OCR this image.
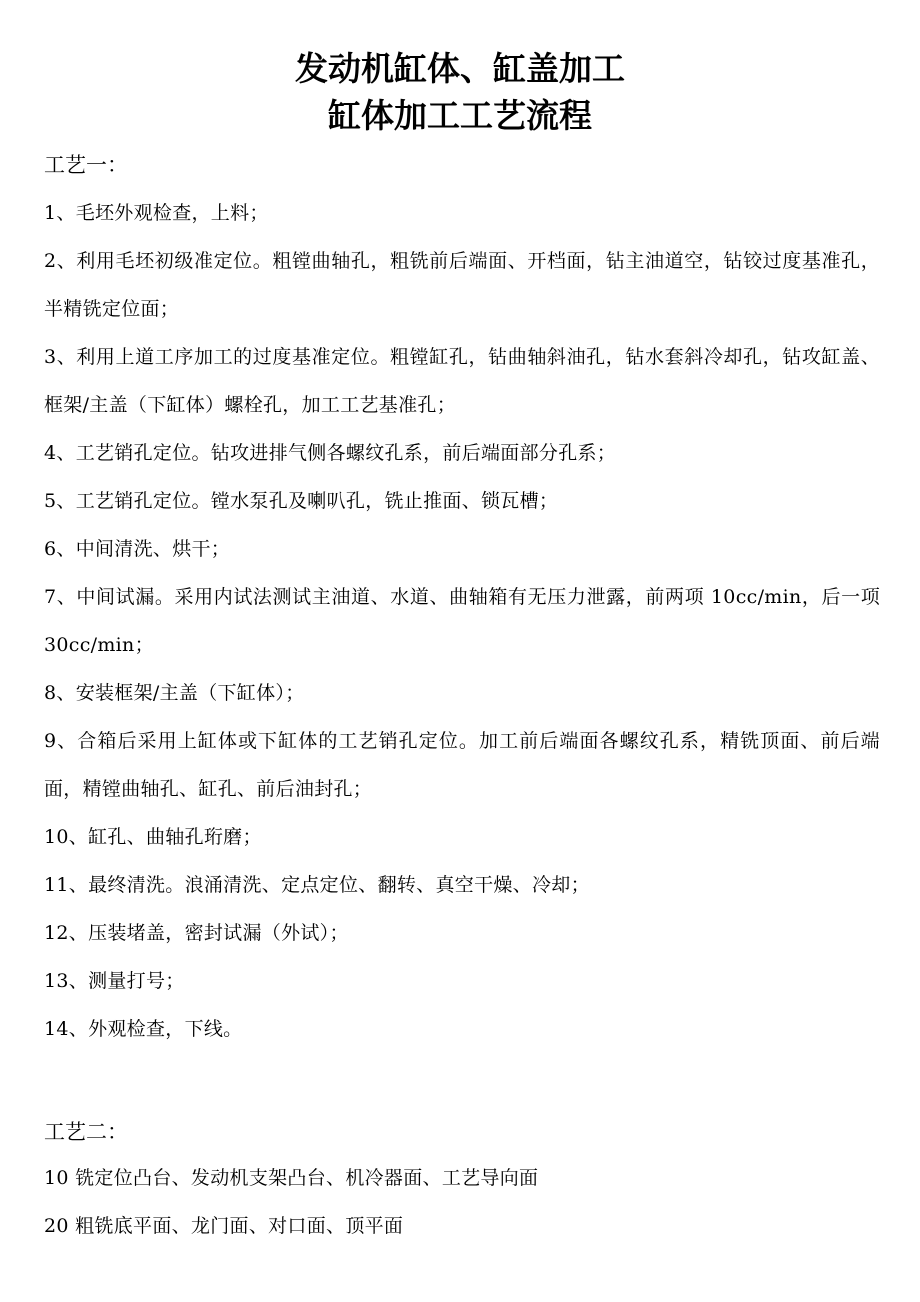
发动机缸体、缸盖加工
缸体加工工艺流程
工艺一：
1、毛坯外观检查，上料；
2、利用毛坯初级准定位。粗镗曲轴孔，粗铣前后端面、开档面，钻主油道空，钻铰过度基准孔，半精铣定位面；
3、利用上道工序加工的过度基准定位。粗镗缸孔，钻曲轴斜油孔，钻水套斜冷却孔，钻攻缸盖、框架/主盖（下缸体）螺栓孔，加工工艺基准孔；
4、工艺销孔定位。钻攻进排气侧各螺纹孔系，前后端面部分孔系；
5、工艺销孔定位。镗水泵孔及喇叭孔，铣止推面、锁瓦槽；
6、中间清洗、烘干；
7、中间试漏。采用内试法测试主油道、水道、曲轴箱有无压力泄露，前两项 10cc/min，后一项 30cc/min；
8、安装框架/主盖（下缸体）；
9、合箱后采用上缸体或下缸体的工艺销孔定位。加工前后端面各螺纹孔系，精铣顶面、前后端面，精镗曲轴孔、缸孔、前后油封孔；
10、缸孔、曲轴孔珩磨；
11、最终清洗。浪涌清洗、定点定位、翻转、真空干燥、冷却；
12、压装堵盖，密封试漏（外试）；
13、测量打号；
14、外观检查，下线。
工艺二：
10 铣定位凸台、发动机支架凸台、机冷器面、工艺导向面
20 粗铣底平面、龙门面、对口面、顶平面
